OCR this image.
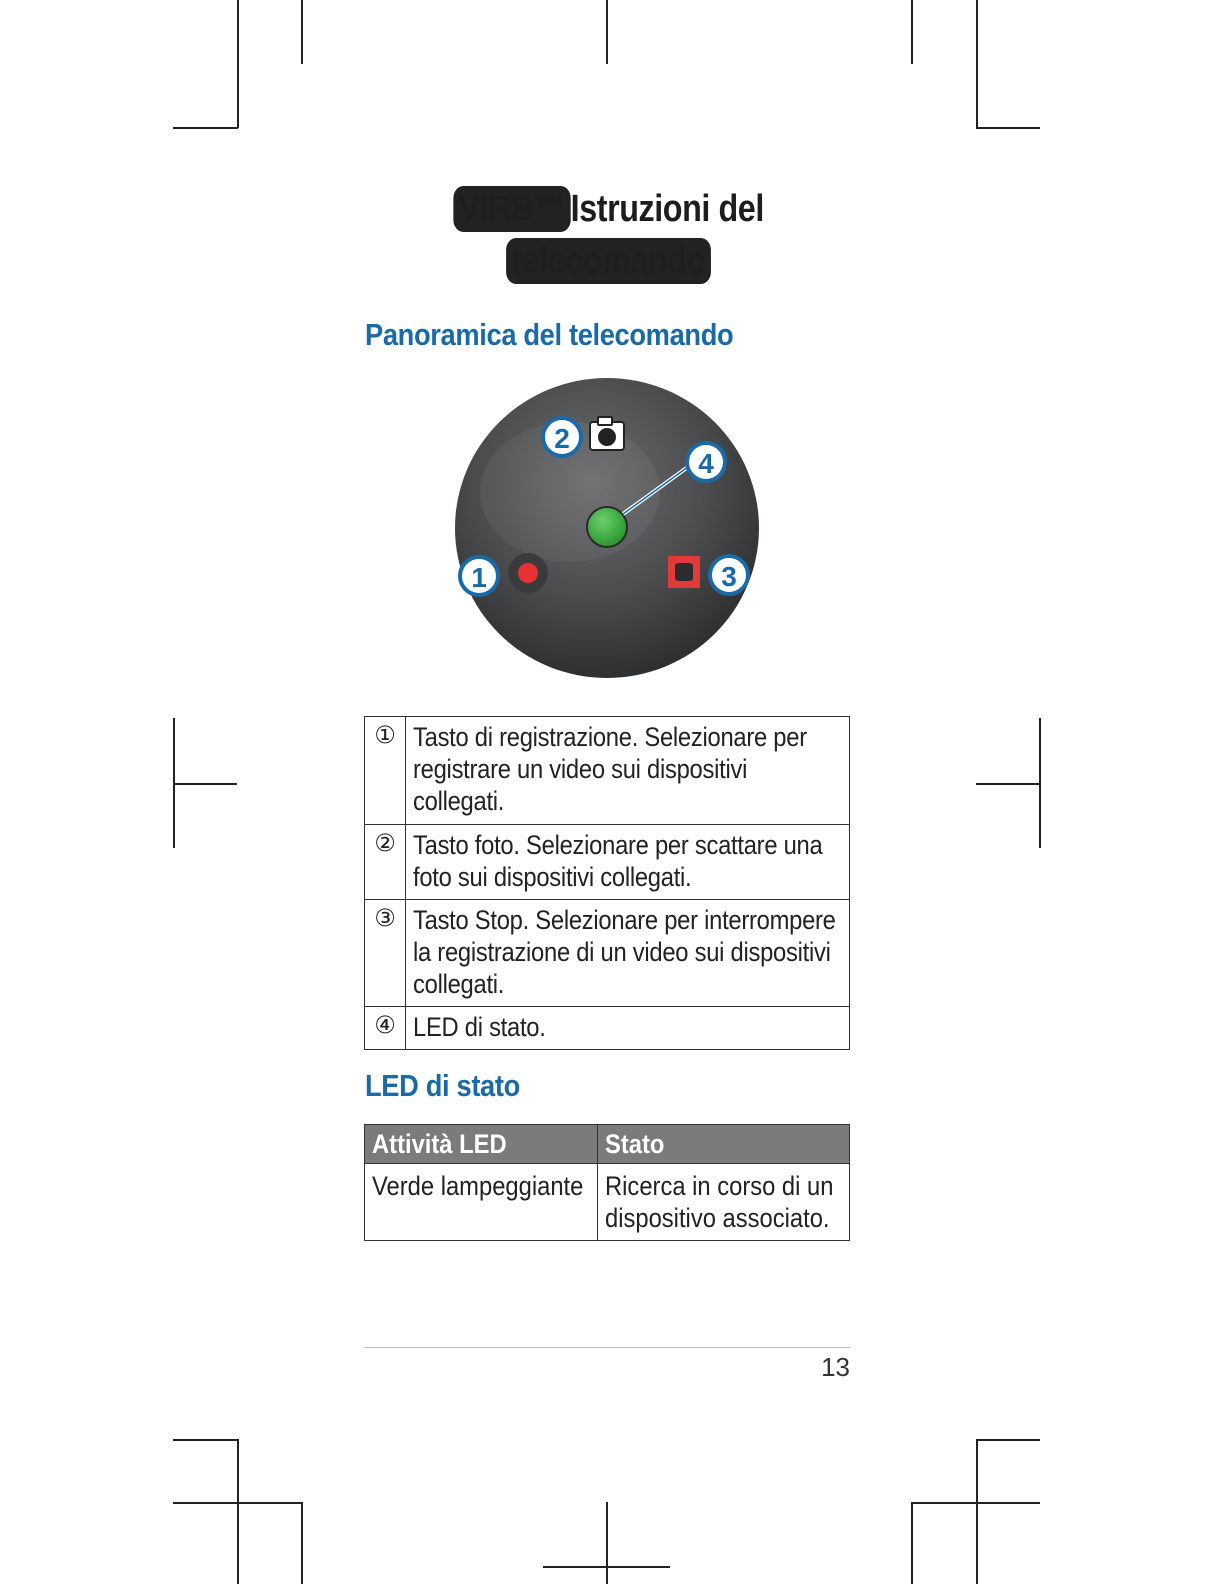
VIRB™ Istruzioni del
telecomando
Panoramica del telecomando
1
2
3
4
①	Tasto di registrazione. Selezionare per registrare un video sui dispositivi collegati.

②	Tasto foto. Selezionare per scattare una foto sui dispositivi collegati.

③	Tasto Stop. Selezionare per interrompere la registrazione di un video sui dispositivi collegati.

④	LED di stato.
LED di stato
Attività LED	Stato

Verde lampeggiante	Ricerca in corso di un dispositivo associato.
13
